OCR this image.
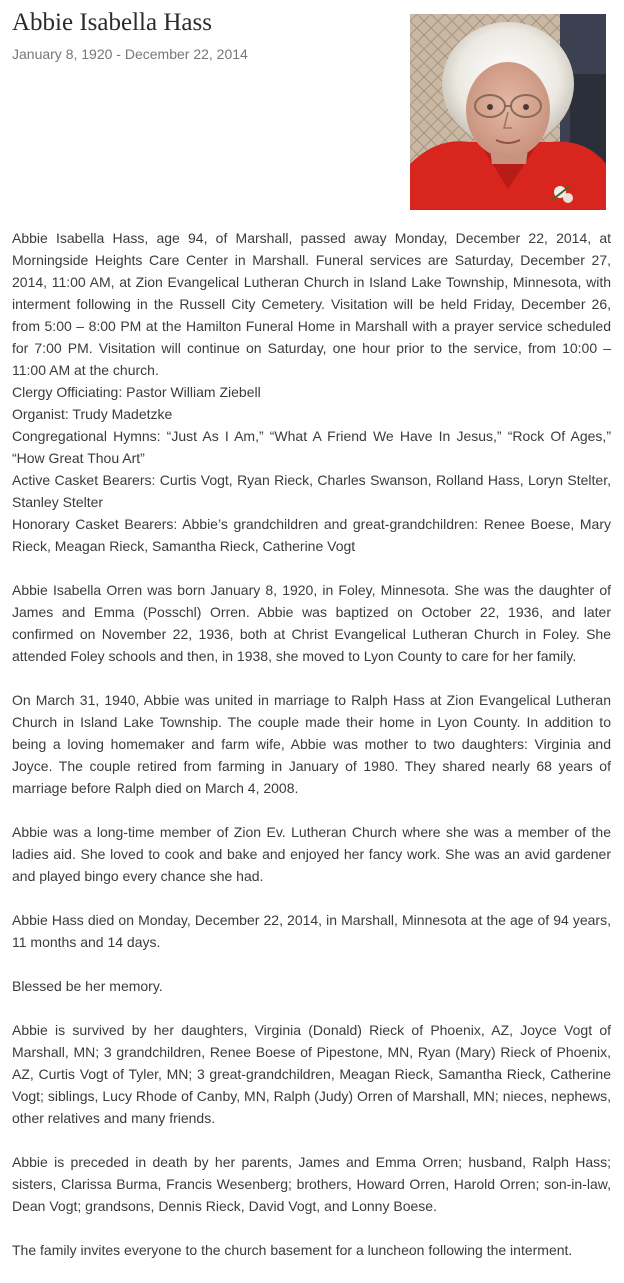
Abbie Isabella Hass
January 8, 1920 - December 22, 2014

Abbie Isabella Hass, age 94, of Marshall, passed away Monday, December 22, 2014, at Morningside Heights Care Center in Marshall. Funeral services are Saturday, December 27, 2014, 11:00 AM, at Zion Evangelical Lutheran Church in Island Lake Township, Minnesota, with interment following in the Russell City Cemetery. Visitation will be held Friday, December 26, from 5:00 – 8:00 PM at the Hamilton Funeral Home in Marshall with a prayer service scheduled for 7:00 PM. Visitation will continue on Saturday, one hour prior to the service, from 10:00 – 11:00 AM at the church.
Clergy Officiating: Pastor William Ziebell
Organist: Trudy Madetzke
Congregational Hymns: “Just As I Am,” “What A Friend We Have In Jesus,” “Rock Of Ages,” “How Great Thou Art”
Active Casket Bearers: Curtis Vogt, Ryan Rieck, Charles Swanson, Rolland Hass, Loryn Stelter, Stanley Stelter
Honorary Casket Bearers: Abbie’s grandchildren and great-grandchildren: Renee Boese, Mary Rieck, Meagan Rieck, Samantha Rieck, Catherine Vogt

Abbie Isabella Orren was born January 8, 1920, in Foley, Minnesota. She was the daughter of James and Emma (Posschl) Orren. Abbie was baptized on October 22, 1936, and later confirmed on November 22, 1936, both at Christ Evangelical Lutheran Church in Foley. She attended Foley schools and then, in 1938, she moved to Lyon County to care for her family.

On March 31, 1940, Abbie was united in marriage to Ralph Hass at Zion Evangelical Lutheran Church in Island Lake Township. The couple made their home in Lyon County. In addition to being a loving homemaker and farm wife, Abbie was mother to two daughters: Virginia and Joyce. The couple retired from farming in January of 1980. They shared nearly 68 years of marriage before Ralph died on March 4, 2008.

Abbie was a long-time member of Zion Ev. Lutheran Church where she was a member of the ladies aid. She loved to cook and bake and enjoyed her fancy work. She was an avid gardener and played bingo every chance she had.

Abbie Hass died on Monday, December 22, 2014, in Marshall, Minnesota at the age of 94 years, 11 months and 14 days.

Blessed be her memory.

Abbie is survived by her daughters, Virginia (Donald) Rieck of Phoenix, AZ, Joyce Vogt of Marshall, MN; 3 grandchildren, Renee Boese of Pipestone, MN, Ryan (Mary) Rieck of Phoenix, AZ, Curtis Vogt of Tyler, MN; 3 great-grandchildren, Meagan Rieck, Samantha Rieck, Catherine Vogt; siblings, Lucy Rhode of Canby, MN, Ralph (Judy) Orren of Marshall, MN; nieces, nephews, other relatives and many friends.

Abbie is preceded in death by her parents, James and Emma Orren; husband, Ralph Hass; sisters, Clarissa Burma, Francis Wesenberg; brothers, Howard Orren, Harold Orren; son-in-law, Dean Vogt; grandsons, Dennis Rieck, David Vogt, and Lonny Boese.

The family invites everyone to the church basement for a luncheon following the interment.
